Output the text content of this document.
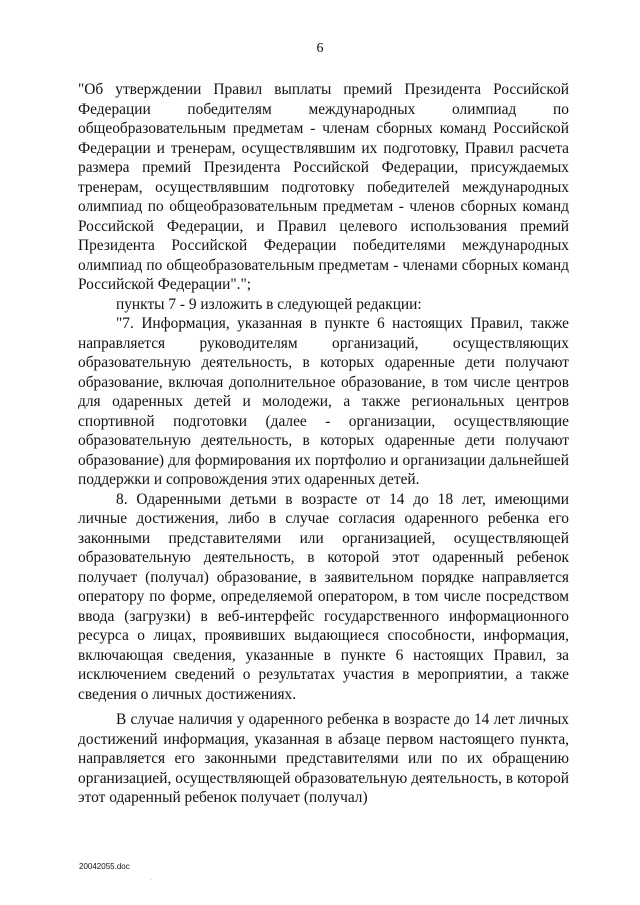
6

"Об утверждении Правил выплаты премий Президента Российской Федерации победителям международных олимпиад по общеобразовательным предметам - членам сборных команд Российской Федерации и тренерам, осуществлявшим их подготовку, Правил расчета размера премий Президента Российской Федерации, присуждаемых тренерам, осуществлявшим подготовку победителей международных олимпиад по общеобразовательным предметам - членов сборных команд Российской Федерации, и Правил целевого использования премий Президента Российской Федерации победителями международных олимпиад по общеобразовательным предметам - членами сборных команд Российской Федерации".";

пункты 7 - 9 изложить в следующей редакции:

"7. Информация, указанная в пункте 6 настоящих Правил, также направляется руководителям организаций, осуществляющих образовательную деятельность, в которых одаренные дети получают образование, включая дополнительное образование, в том числе центров для одаренных детей и молодежи, а также региональных центров спортивной подготовки (далее - организации, осуществляющие образовательную деятельность, в которых одаренные дети получают образование) для формирования их портфолио и организации дальнейшей поддержки и сопровождения этих одаренных детей.

8. Одаренными детьми в возрасте от 14 до 18 лет, имеющими личные достижения, либо в случае согласия одаренного ребенка его законными представителями или организацией, осуществляющей образовательную деятельность, в которой этот одаренный ребенок получает (получал) образование, в заявительном порядке направляется оператору по форме, определяемой оператором, в том числе посредством ввода (загрузки) в веб-интерфейс государственного информационного ресурса о лицах, проявивших выдающиеся способности, информация, включающая сведения, указанные в пункте 6 настоящих Правил, за исключением сведений о результатах участия в мероприятии, а также сведения о личных достижениях.

В случае наличия у одаренного ребенка в возрасте до 14 лет личных достижений информация, указанная в абзаце первом настоящего пункта, направляется его законными представителями или по их обращению организацией, осуществляющей образовательную деятельность, в которой этот одаренный ребенок получает (получал)

20042055.doc
·
